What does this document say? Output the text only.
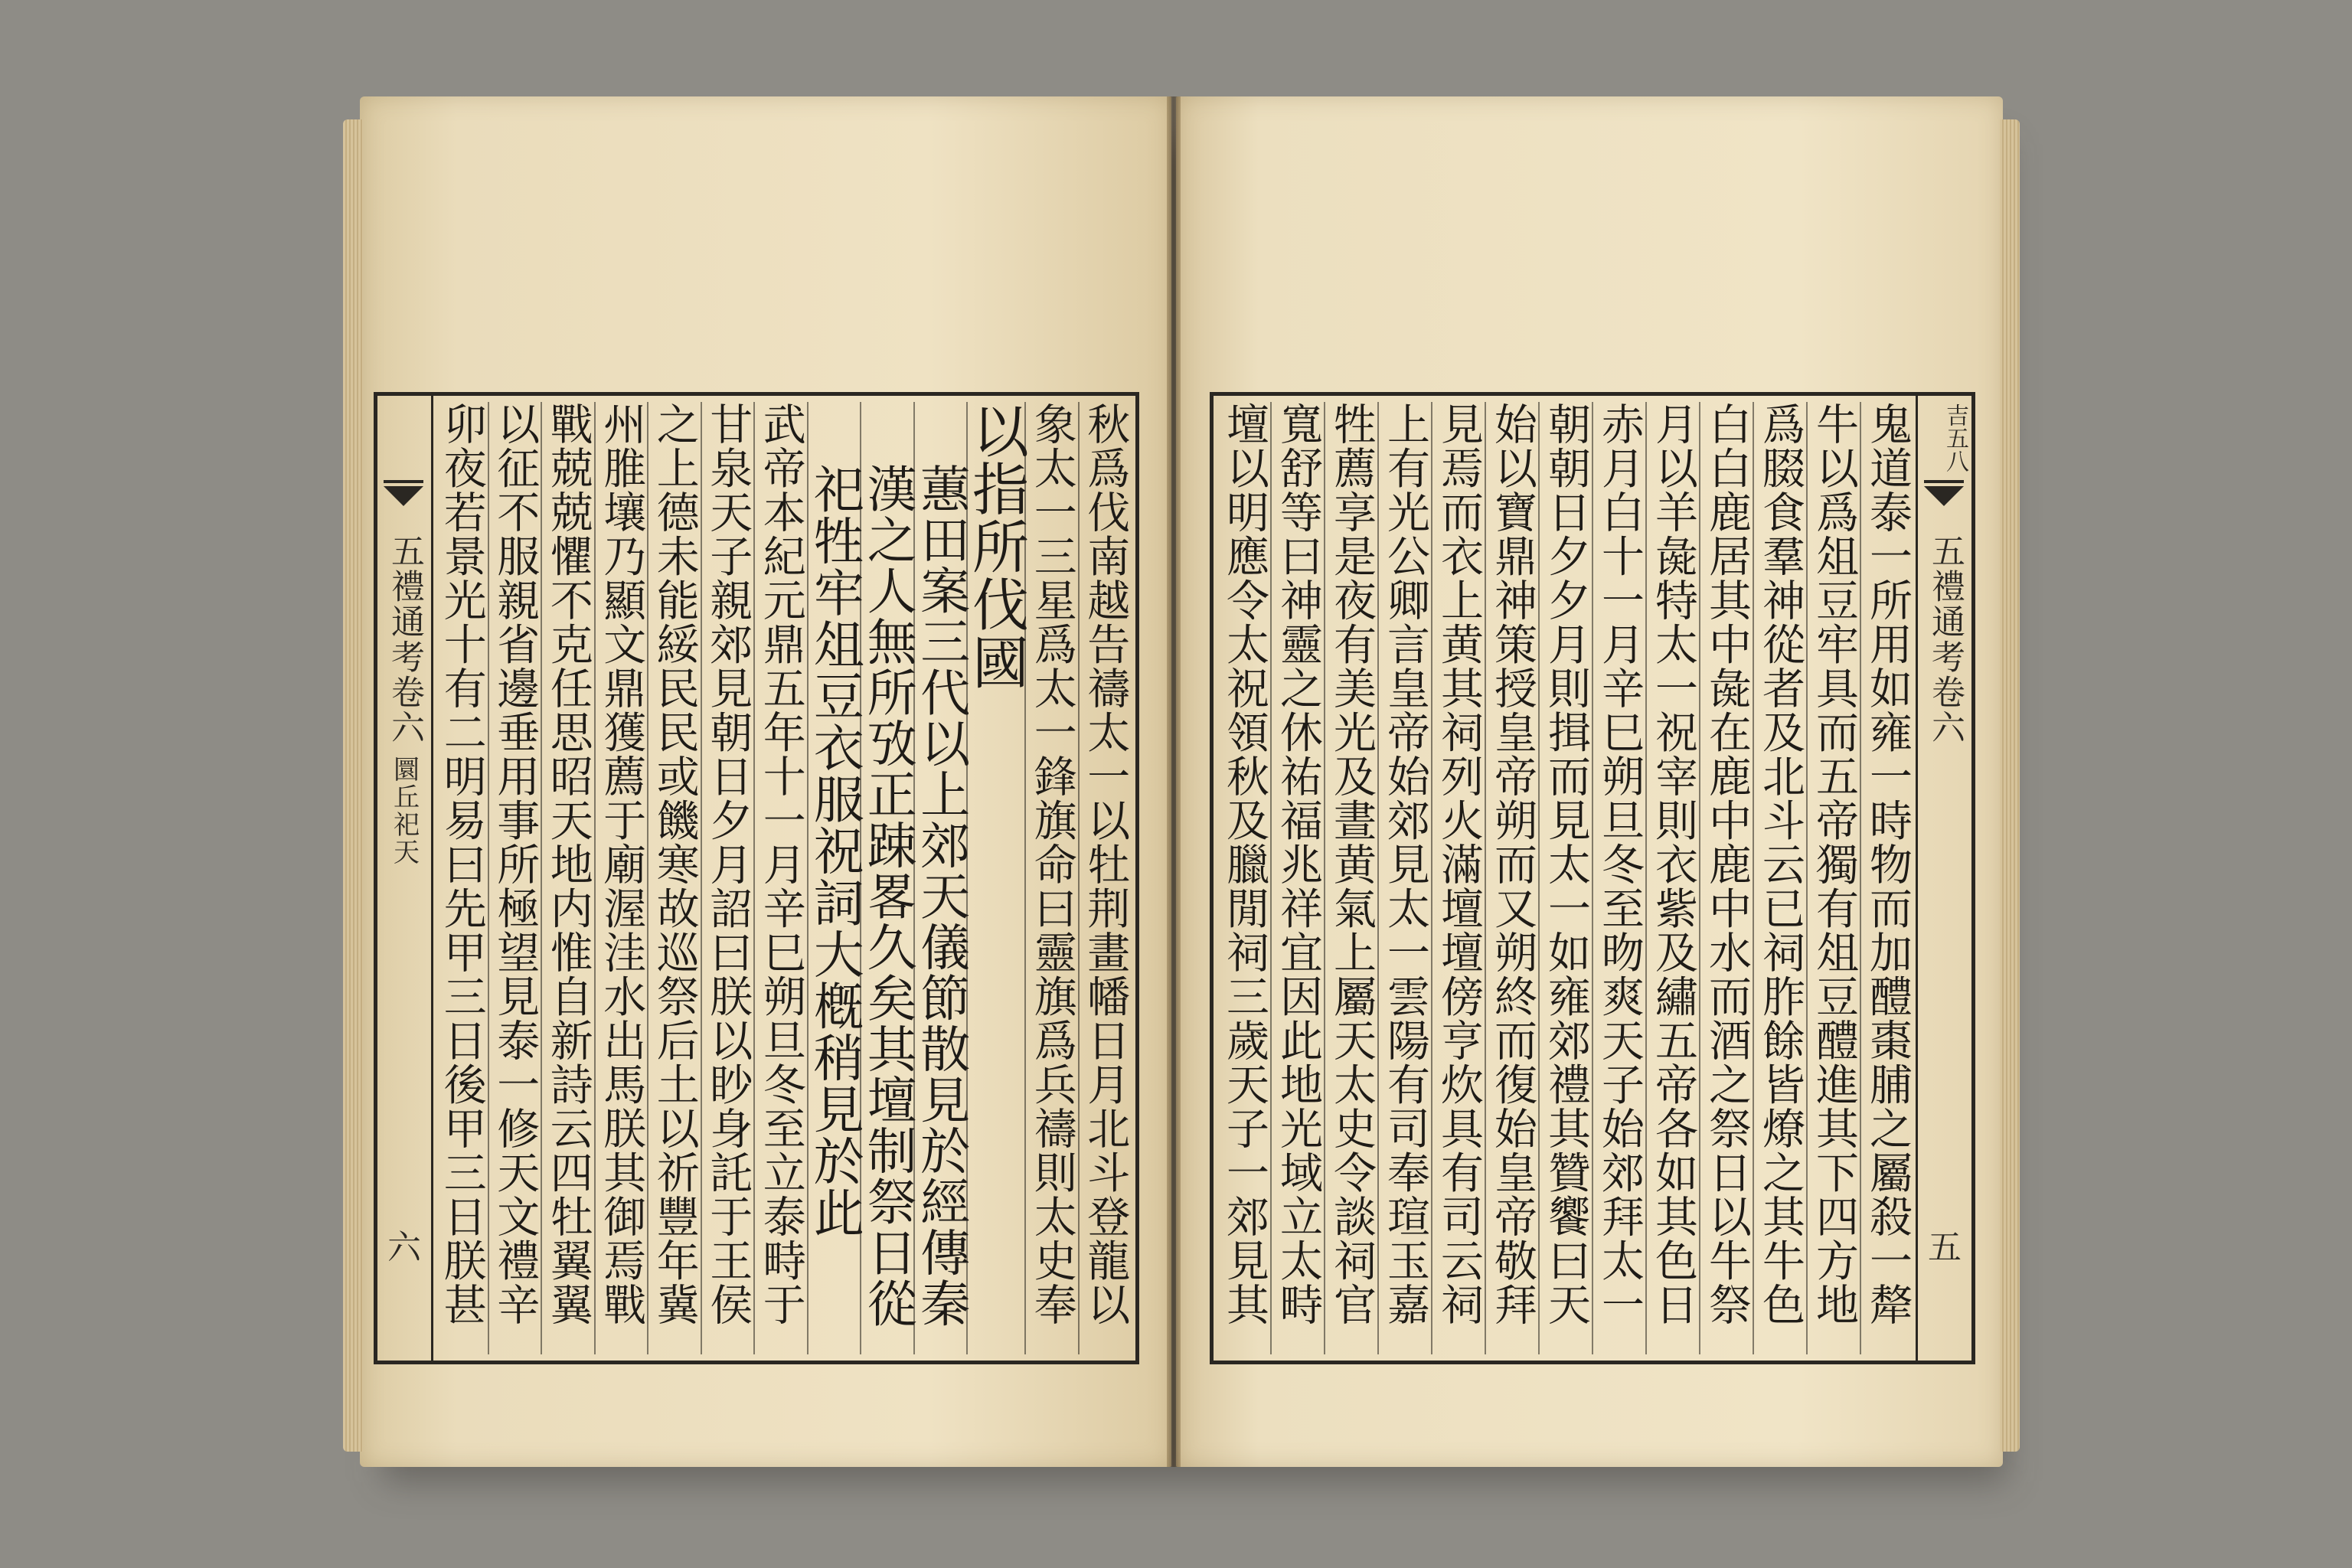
五禮通考卷六
圜丘祀天
六	秋爲伐南越告禱太一以牡荆畫幡日月北斗登龍以
象太一三星爲太一鋒旗命曰靈旗爲兵禱則太史奉
以指所伐國
蕙田案三代以上郊天儀節散見於經傳秦
漢之人無所攷正踈畧久矣其壇制祭日從
祀牲牢俎豆衣服祝詞大槪稍見於此
武帝本紀元鼎五年十一月辛巳朔旦冬至立泰畤于
甘泉天子親郊見朝日夕月詔曰朕以眇身託于王侯
之上德未能綏民民或饑寒故巡祭后土以祈豐年冀
州脽壤乃顯文鼎獲薦于廟渥洼水出馬朕其御焉戰
戰兢兢懼不克任思昭天地内惟自新詩云四牡翼翼
以征不服親省邊垂用事所極望見泰一修天文禮辛
卯夜若景光十有二明易曰先甲三日後甲三日朕甚	吉五八
五禮通考卷六
五
鬼道泰一所用如雍一時物而加醴棗脯之屬殺一犛
牛以爲俎豆牢具而五帝獨有俎豆醴進其下四方地
爲腏食羣神從者及北斗云已祠胙餘皆燎之其牛色
白白鹿居其中彘在鹿中鹿中水而酒之祭日以牛祭
月以羊彘特太一祝宰則衣紫及繡五帝各如其色日
赤月白十一月辛巳朔旦冬至昒爽天子始郊拜太一
朝朝日夕夕月則揖而見太一如雍郊禮其贊饗曰天
始以寶鼎神策授皇帝朔而又朔終而復始皇帝敬拜
見焉而衣上黄其祠列火滿壇壇傍亨炊具有司云祠
上有光公卿言皇帝始郊見太一雲陽有司奉瑄玉嘉
牲薦享是夜有美光及晝黄氣上屬天太史令談祠官
寬舒等曰神靈之休祐福兆祥宜因此地光域立太畤
壇以明應令太祝領秋及臘閒祠三歲天子一郊見其
